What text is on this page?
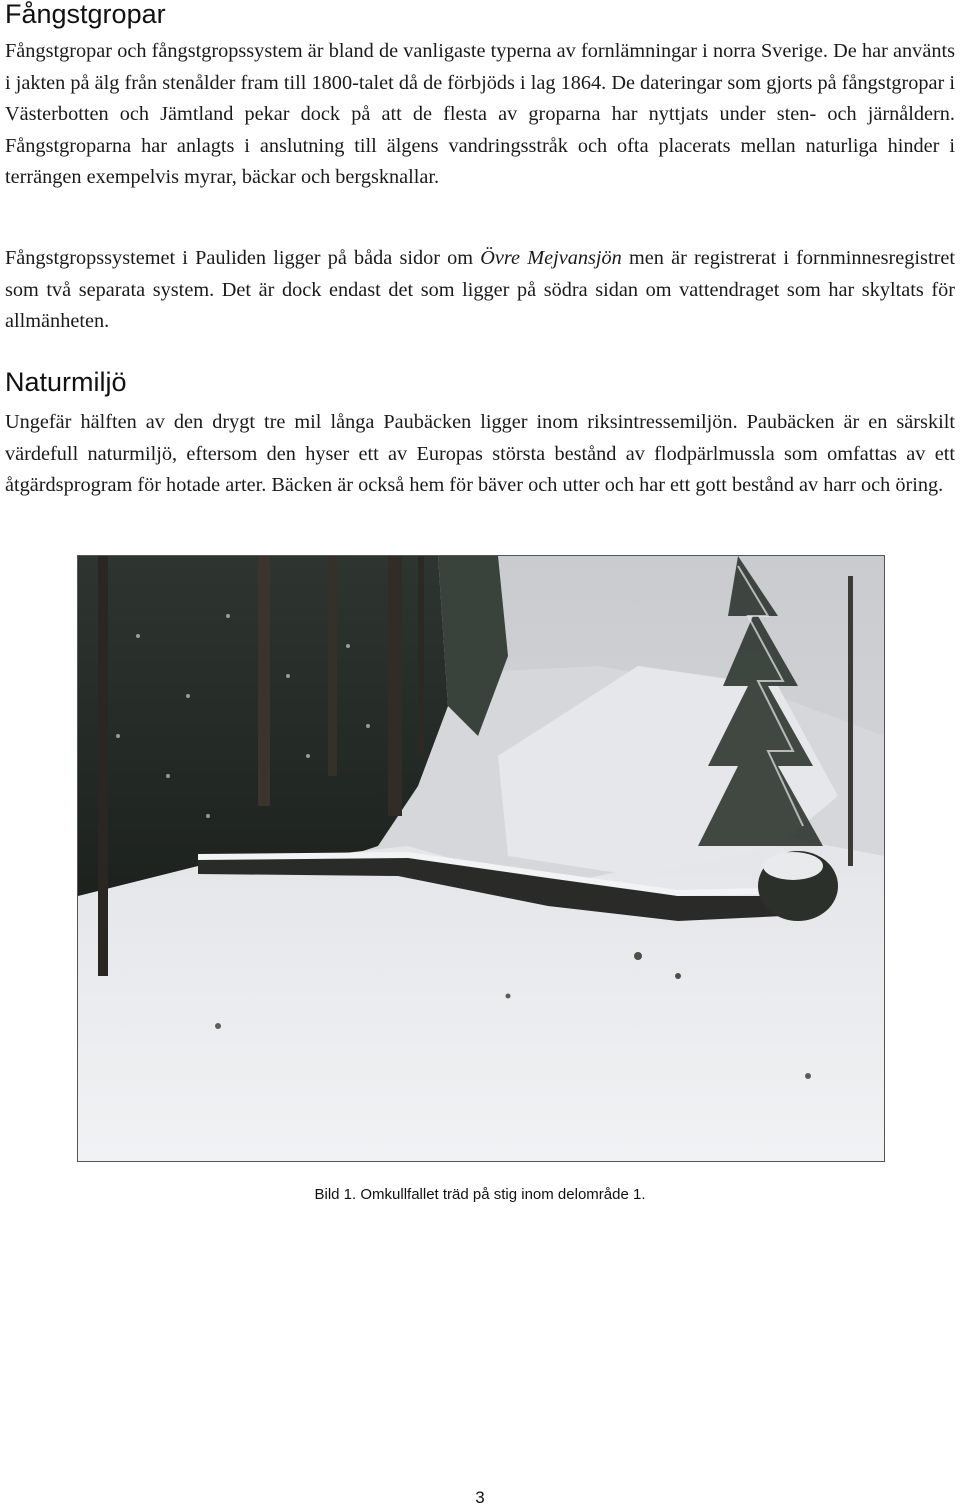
Fångstgropar

Fångstgropar och fångstgropssystem är bland de vanligaste typerna av fornlämningar i norra Sverige. De har använts i jakten på älg från stenålder fram till 1800-talet då de förbjöds i lag 1864. De dateringar som gjorts på fångstgropar i Västerbotten och Jämtland pekar dock på att de flesta av groparna har nyttjats under sten- och järnåldern. Fångstgroparna har anlagts i anslutning till älgens vandringsstråk och ofta placerats mellan naturliga hinder i terrängen exempelvis myrar, bäckar och bergsknallar.

Fångstgropssystemet i Pauliden ligger på båda sidor om Övre Mejvansjön men är registrerat i fornminnesregistret som två separata system. Det är dock endast det som ligger på södra sidan om vattendraget som har skyltats för allmänheten.

Naturmiljö

Ungefär hälften av den drygt tre mil långa Paubäcken ligger inom riksintressemiljön. Paubäcken är en särskilt värdefull naturmiljö, eftersom den hyser ett av Europas största bestånd av flodpärlmussla som omfattas av ett åtgärdsprogram för hotade arter. Bäcken är också hem för bäver och utter och har ett gott bestånd av harr och öring.

Bild 1. Omkullfallet träd på stig inom delområde 1.
3
